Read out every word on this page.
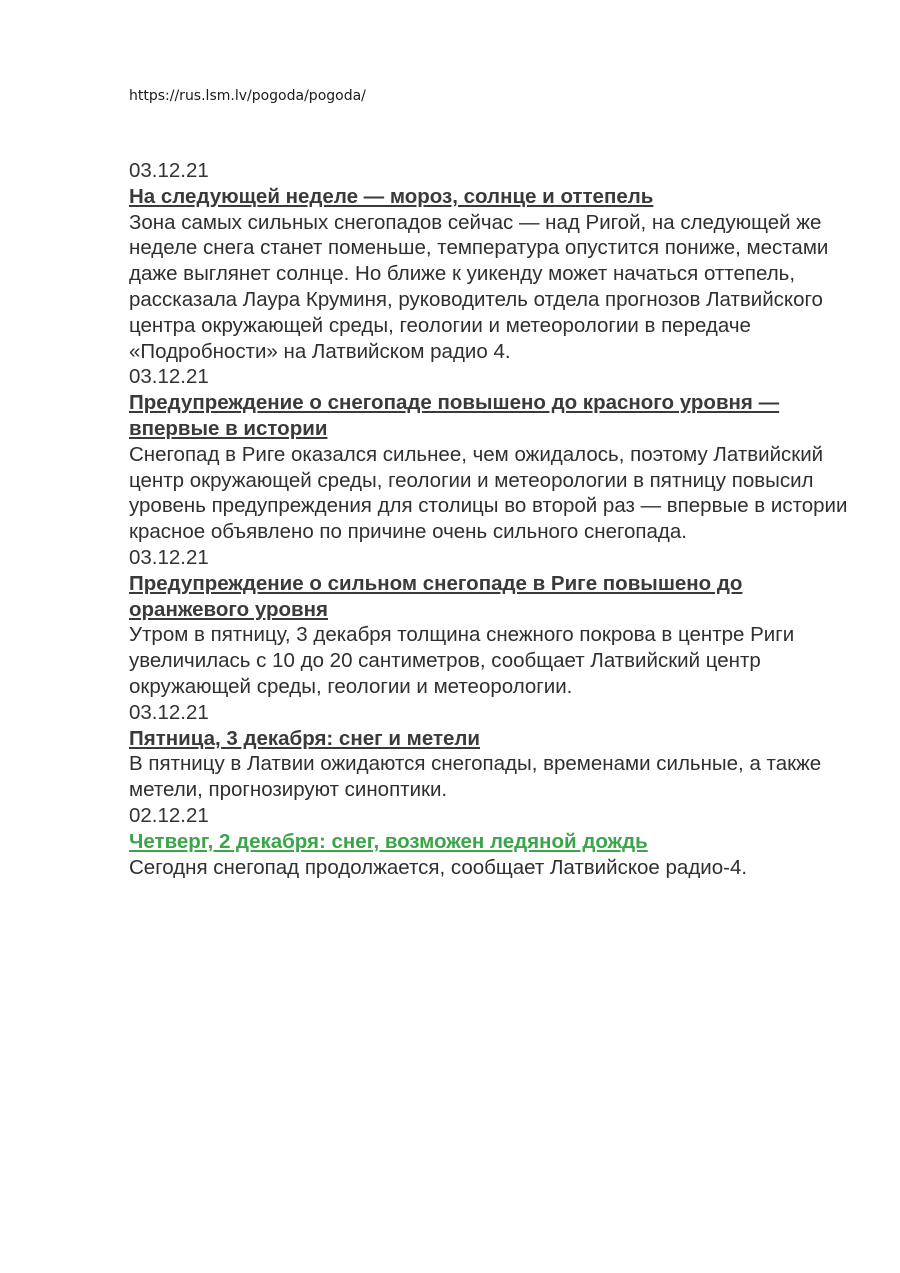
https://rus.lsm.lv/pogoda/pogoda/
03.12.21
На следующей неделе — мороз, солнце и оттепель
Зона самых сильных снегопадов сейчас — над Ригой, на следующей же неделе снега станет поменьше, температура опустится пониже, местами даже выглянет солнце. Но ближе к уикенду может начаться оттепель, рассказала Лаура Круминя, руководитель отдела прогнозов Латвийского центра окружающей среды, геологии и метеорологии в передаче «Подробности» на Латвийском радио 4.
03.12.21
Предупреждение о снегопаде повышено до красного уровня — впервые в истории
Снегопад в Риге оказался сильнее, чем ожидалось, поэтому Латвийский центр окружающей среды, геологии и метеорологии в пятницу повысил уровень предупреждения для столицы во второй раз — впервые в истории красное объявлено по причине очень сильного снегопада.
03.12.21
Предупреждение о сильном снегопаде в Риге повышено до оранжевого уровня
Утром в пятницу, 3 декабря толщина снежного покрова в центре Риги увеличилась с 10 до 20 сантиметров, сообщает Латвийский центр окружающей среды, геологии и метеорологии.
03.12.21
Пятница, 3 декабря: снег и метели
В пятницу в Латвии ожидаются снегопады, временами сильные, а также метели, прогнозируют синоптики.
02.12.21
Четверг, 2 декабря: снег, возможен ледяной дождь
Сегодня снегопад продолжается, сообщает Латвийское радио-4.
